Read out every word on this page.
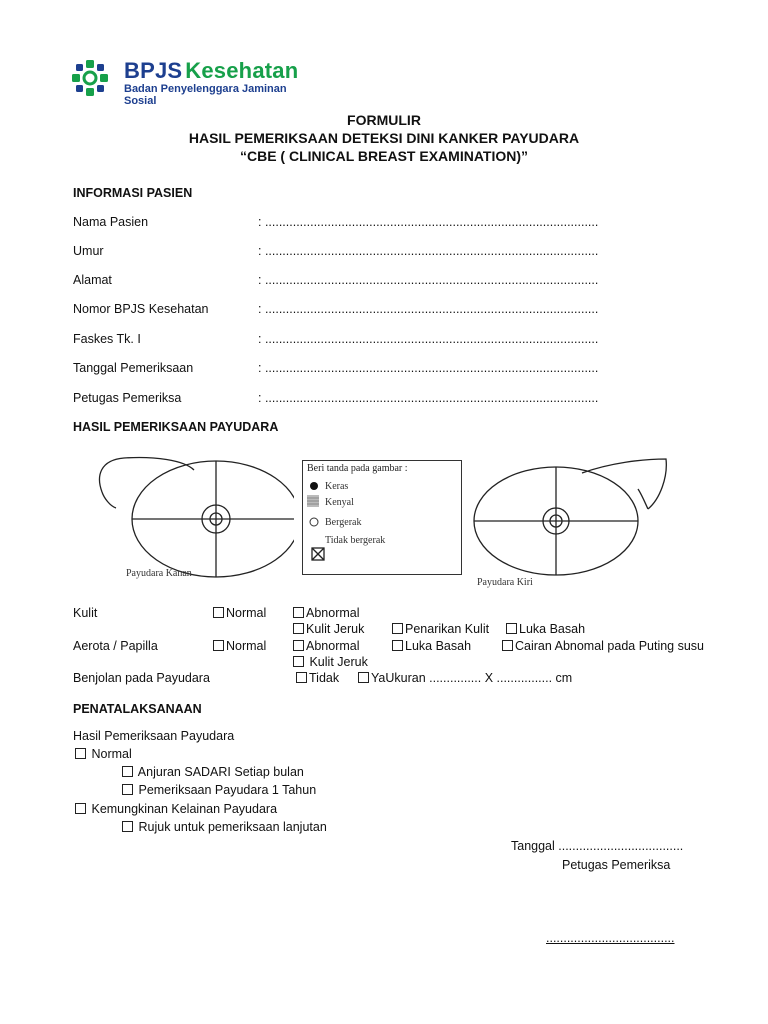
BPJS Kesehatan
Badan Penyelenggara Jaminan Sosial
FORMULIR
HASIL PEMERIKSAAN DETEKSI DINI KANKER PAYUDARA
“CBE ( CLINICAL BREAST EXAMINATION)”
INFORMASI PASIEN
Nama Pasien	: ................................................................................................
Umur	: ................................................................................................
Alamat	: ................................................................................................
Nomor BPJS Kesehatan	: ................................................................................................
Faskes Tk. I	: ................................................................................................
Tanggal Pemeriksaan	: ................................................................................................
Petugas Pemeriksa	: ................................................................................................
HASIL PEMERIKSAAN PAYUDARA
Payudara Kanan
Beri tanda pada gambar :
Keras
Kenyal
Bergerak
Tidak bergerak
Payudara Kiri
Kulit	Normal	Abnormal
Kulit Jeruk	Penarikan Kulit	Luka Basah
Aerota / Papilla	Normal	Abnormal	Luka Basah	Cairan Abnomal pada Puting susu
Kulit Jeruk
Benjolan pada Payudara	Tidak	YaUkuran ............... X ................ cm
PENATALAKSANAAN
Hasil Pemeriksaan Payudara
Normal
Anjuran SADARI Setiap bulan
Pemeriksaan Payudara 1 Tahun
Kemungkinan Kelainan Payudara
Rujuk untuk pemeriksaan lanjutan
Tanggal ....................................
Petugas Pemeriksa
.....................................
